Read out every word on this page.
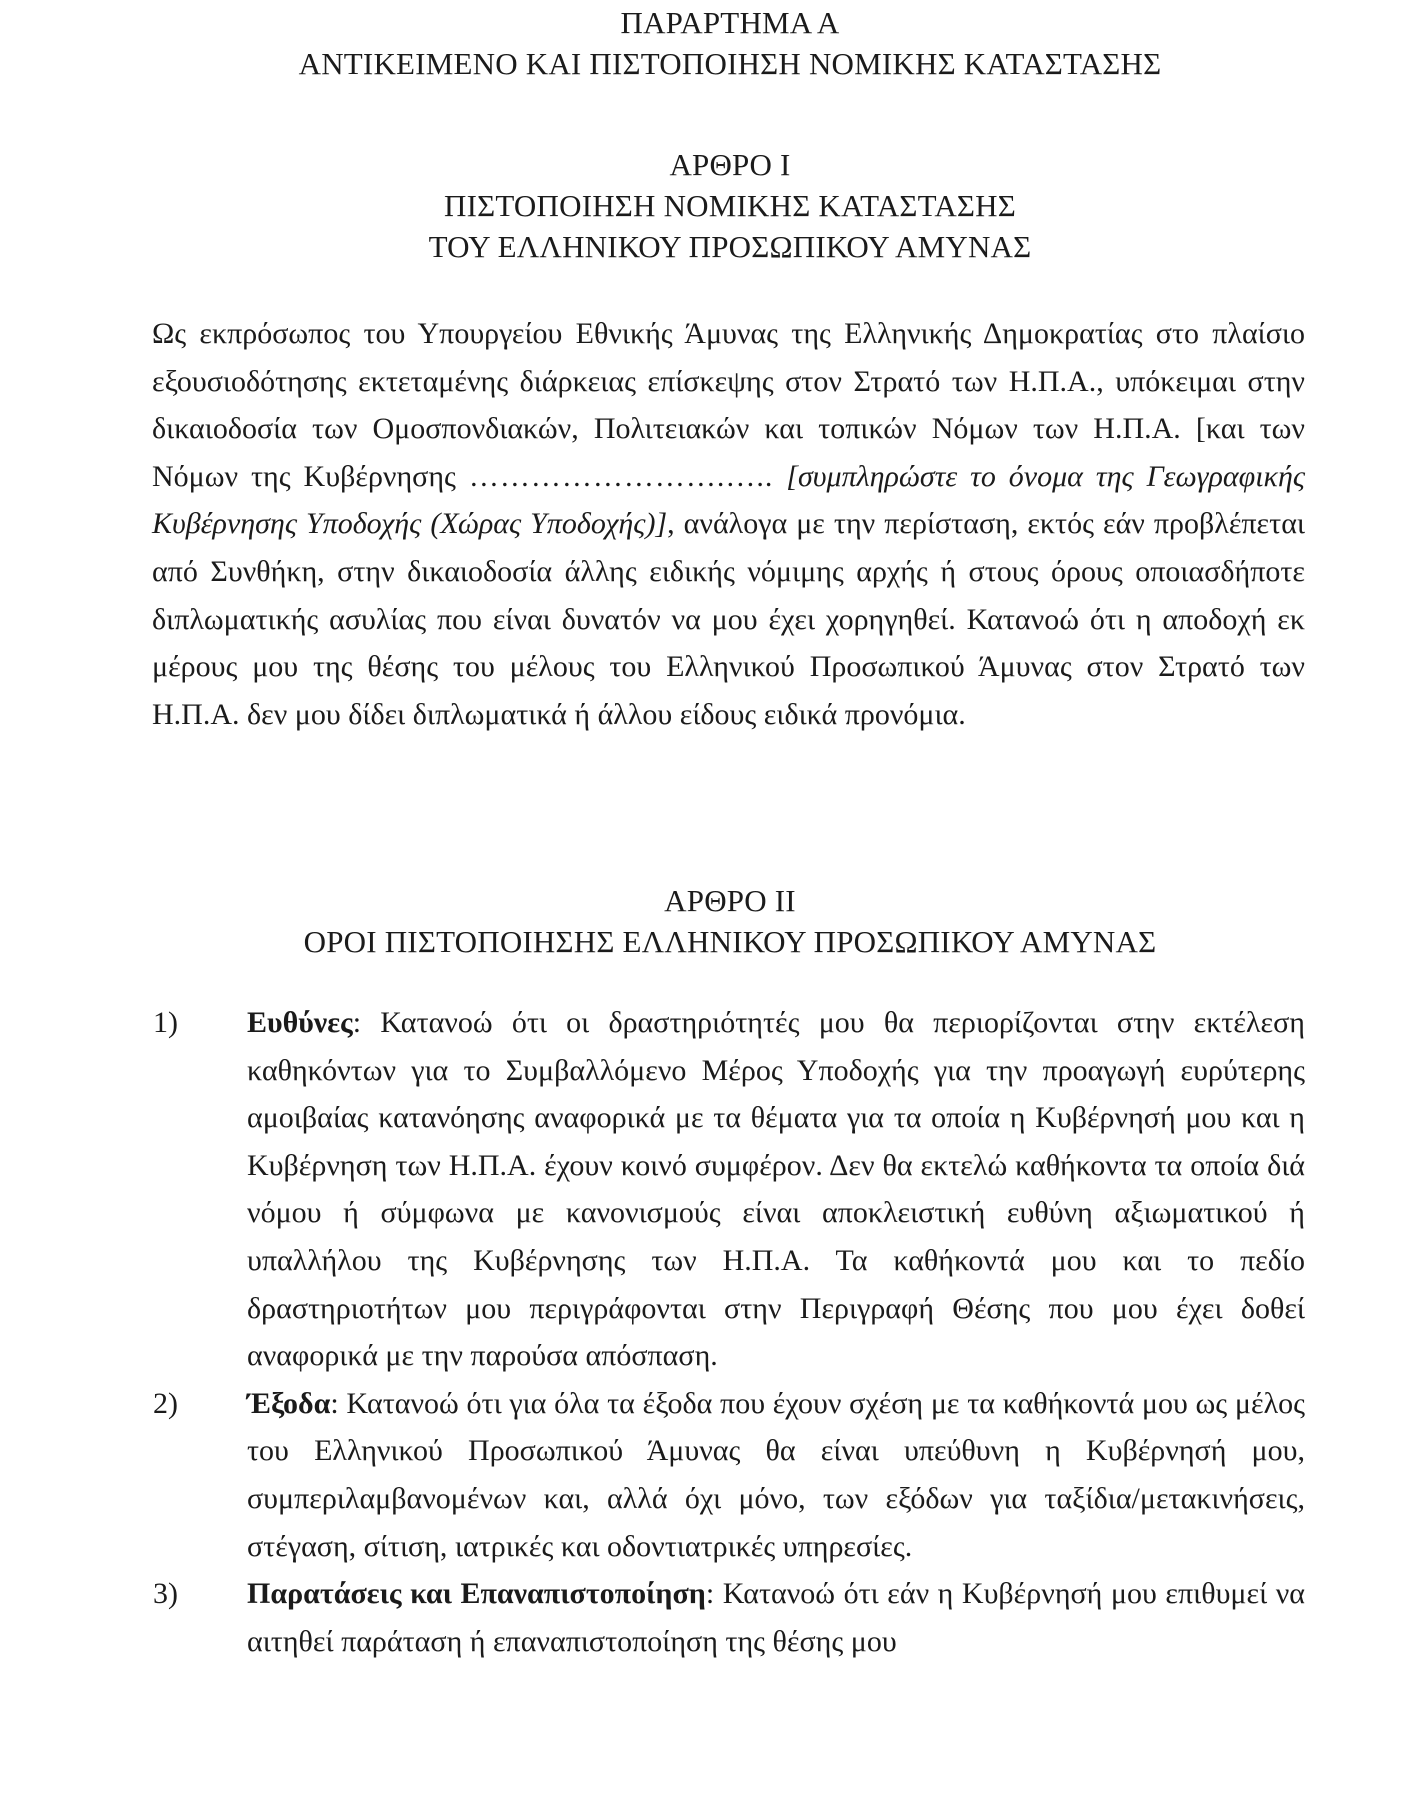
ΠΑΡΑΡΤΗΜΑ Α
ΑΝΤΙΚΕΙΜΕΝΟ ΚΑΙ ΠΙΣΤΟΠΟΙΗΣΗ ΝΟΜΙΚΗΣ ΚΑΤΑΣΤΑΣΗΣ
ΑΡΘΡΟ Ι
ΠΙΣΤΟΠΟΙΗΣΗ ΝΟΜΙΚΗΣ ΚΑΤΑΣΤΑΣΗΣ
ΤΟΥ ΕΛΛΗΝΙΚΟΥ ΠΡΟΣΩΠΙΚΟΥ ΑΜΥΝΑΣ
Ως εκπρόσωπος του Υπουργείου Εθνικής Άμυνας της Ελληνικής Δημοκρατίας στο πλαίσιο εξουσιοδότησης εκτεταμένης διάρκειας επίσκεψης στον Στρατό των Η.Π.Α., υπόκειμαι στην δικαιοδοσία των Ομοσπονδιακών, Πολιτειακών και τοπικών Νόμων των Η.Π.Α. [και των Νόμων της Κυβέρνησης …………………….….. [συμπληρώστε το όνομα της Γεωγραφικής Κυβέρνησης Υποδοχής (Χώρας Υποδοχής)], ανάλογα με την περίσταση, εκτός εάν προβλέπεται από Συνθήκη, στην δικαιοδοσία άλλης ειδικής νόμιμης αρχής ή στους όρους οποιασδήποτε διπλωματικής ασυλίας που είναι δυνατόν να μου έχει χορηγηθεί. Κατανοώ ότι η αποδοχή εκ μέρους μου της θέσης του μέλους του Ελληνικού Προσωπικού Άμυνας στον Στρατό των Η.Π.Α. δεν μου δίδει διπλωματικά ή άλλου είδους ειδικά προνόμια.
ΑΡΘΡΟ ΙΙ
ΟΡΟΙ ΠΙΣΤΟΠΟΙΗΣΗΣ ΕΛΛΗΝΙΚΟΥ ΠΡΟΣΩΠΙΚΟΥ ΑΜΥΝΑΣ
1) Ευθύνες: Κατανοώ ότι οι δραστηριότητές μου θα περιορίζονται στην εκτέλεση καθηκόντων για το Συμβαλλόμενο Μέρος Υποδοχής για την προαγωγή ευρύτερης αμοιβαίας κατανόησης αναφορικά με τα θέματα για τα οποία η Κυβέρνησή μου και η Κυβέρνηση των Η.Π.Α. έχουν κοινό συμφέρον. Δεν θα εκτελώ καθήκοντα τα οποία διά νόμου ή σύμφωνα με κανονισμούς είναι αποκλειστική ευθύνη αξιωματικού ή υπαλλήλου της Κυβέρνησης των Η.Π.Α. Τα καθήκοντά μου και το πεδίο δραστηριοτήτων μου περιγράφονται στην Περιγραφή Θέσης που μου έχει δοθεί αναφορικά με την παρούσα απόσπαση.
2) Έξοδα: Κατανοώ ότι για όλα τα έξοδα που έχουν σχέση με τα καθήκοντά μου ως μέλος του Ελληνικού Προσωπικού Άμυνας θα είναι υπεύθυνη η Κυβέρνησή μου, συμπεριλαμβανομένων και, αλλά όχι μόνο, των εξόδων για ταξίδια/μετακινήσεις, στέγαση, σίτιση, ιατρικές και οδοντιατρικές υπηρεσίες.
3) Παρατάσεις και Επαναπιστοποίηση: Κατανοώ ότι εάν η Κυβέρνησή μου επιθυμεί να αιτηθεί παράταση ή επαναπιστοποίηση της θέσης μου
